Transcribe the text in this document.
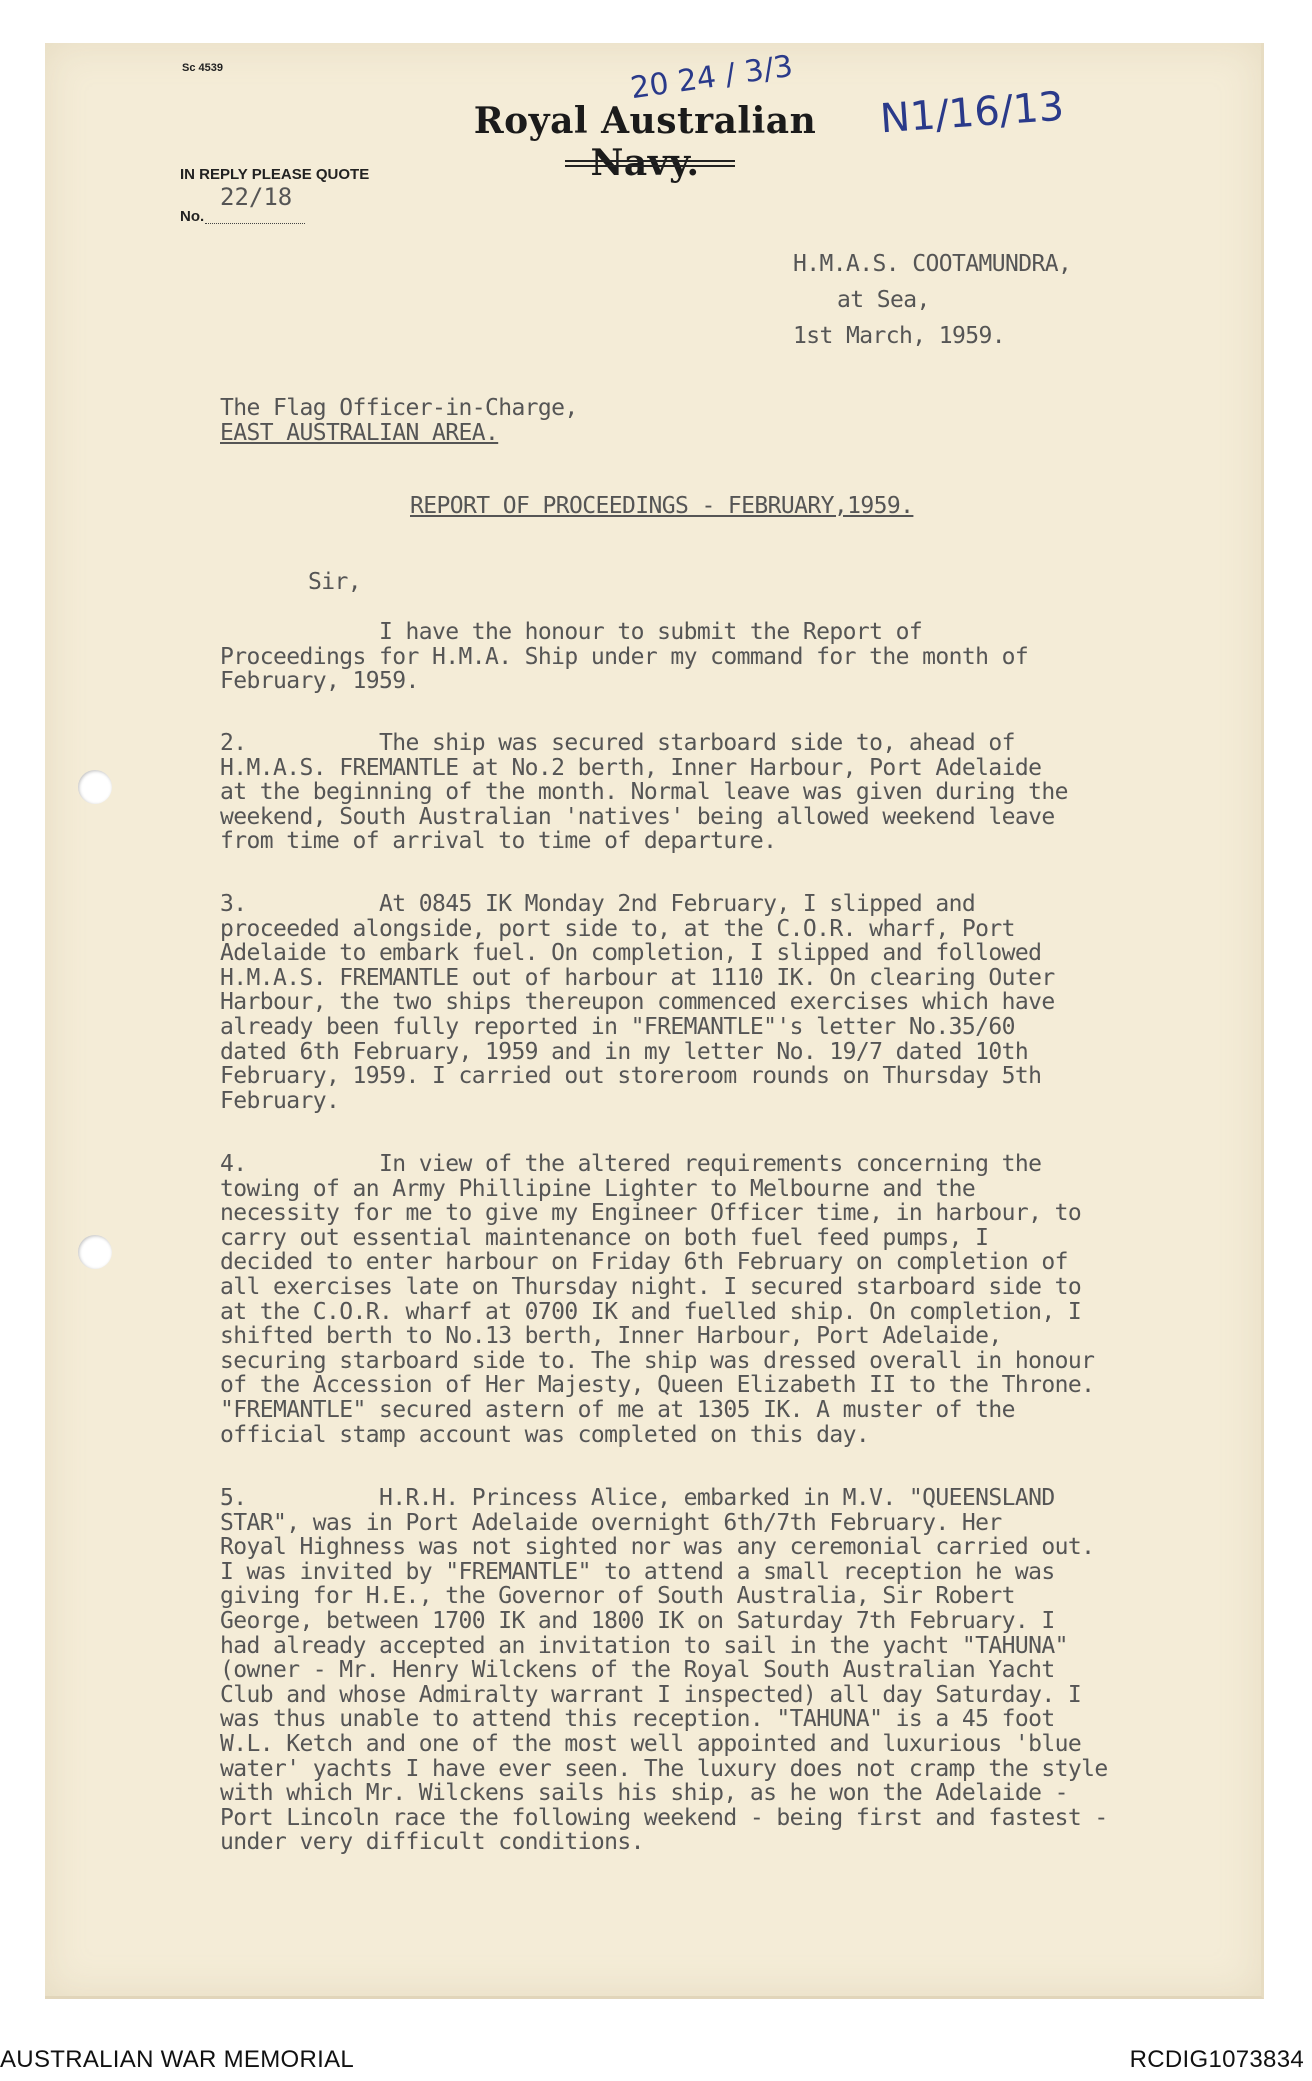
Sc 4539	20 24 / 3/3
Royal Australian Navy.
N1/16/13
IN REPLY PLEASE QUOTE
22/18
No.
H.M.A.S. COOTAMUNDRA,
at Sea,
1st March, 1959.
The Flag Officer-in-Charge,
EAST AUSTRALIAN AREA.
REPORT OF PROCEEDINGS - FEBRUARY,1959.
Sir,
I have the honour to submit the Report of
Proceedings for H.M.A. Ship under my command for the month of
February, 1959.
2.          The ship was secured starboard side to, ahead of
H.M.A.S. FREMANTLE at No.2 berth, Inner Harbour, Port Adelaide
at the beginning of the month. Normal leave was given during the
weekend, South Australian 'natives' being allowed weekend leave
from time of arrival to time of departure.
3.          At 0845 IK Monday 2nd February, I slipped and
proceeded alongside, port side to, at the C.O.R. wharf, Port
Adelaide to embark fuel. On completion, I slipped and followed
H.M.A.S. FREMANTLE out of harbour at 1110 IK. On clearing Outer
Harbour, the two ships thereupon commenced exercises which have
already been fully reported in "FREMANTLE"'s letter No.35/60
dated 6th February, 1959 and in my letter No. 19/7 dated 10th
February, 1959. I carried out storeroom rounds on Thursday 5th
February.
4.          In view of the altered requirements concerning the
towing of an Army Phillipine Lighter to Melbourne and the
necessity for me to give my Engineer Officer time, in harbour, to
carry out essential maintenance on both fuel feed pumps, I
decided to enter harbour on Friday 6th February on completion of
all exercises late on Thursday night. I secured starboard side to
at the C.O.R. wharf at 0700 IK and fuelled ship. On completion, I
shifted berth to No.13 berth, Inner Harbour, Port Adelaide,
securing starboard side to. The ship was dressed overall in honour
of the Accession of Her Majesty, Queen Elizabeth II to the Throne.
"FREMANTLE" secured astern of me at 1305 IK. A muster of the
official stamp account was completed on this day.
5.          H.R.H. Princess Alice, embarked in M.V. "QUEENSLAND
STAR", was in Port Adelaide overnight 6th/7th February. Her
Royal Highness was not sighted nor was any ceremonial carried out.
I was invited by "FREMANTLE" to attend a small reception he was
giving for H.E., the Governor of South Australia, Sir Robert
George, between 1700 IK and 1800 IK on Saturday 7th February. I
had already accepted an invitation to sail in the yacht "TAHUNA"
(owner - Mr. Henry Wilckens of the Royal South Australian Yacht
Club and whose Admiralty warrant I inspected) all day Saturday. I
was thus unable to attend this reception. "TAHUNA" is a 45 foot
W.L. Ketch and one of the most well appointed and luxurious 'blue
water' yachts I have ever seen. The luxury does not cramp the style
with which Mr. Wilckens sails his ship, as he won the Adelaide -
Port Lincoln race the following weekend - being first and fastest -
under very difficult conditions.
AUSTRALIAN WAR MEMORIAL	RCDIG1073834
